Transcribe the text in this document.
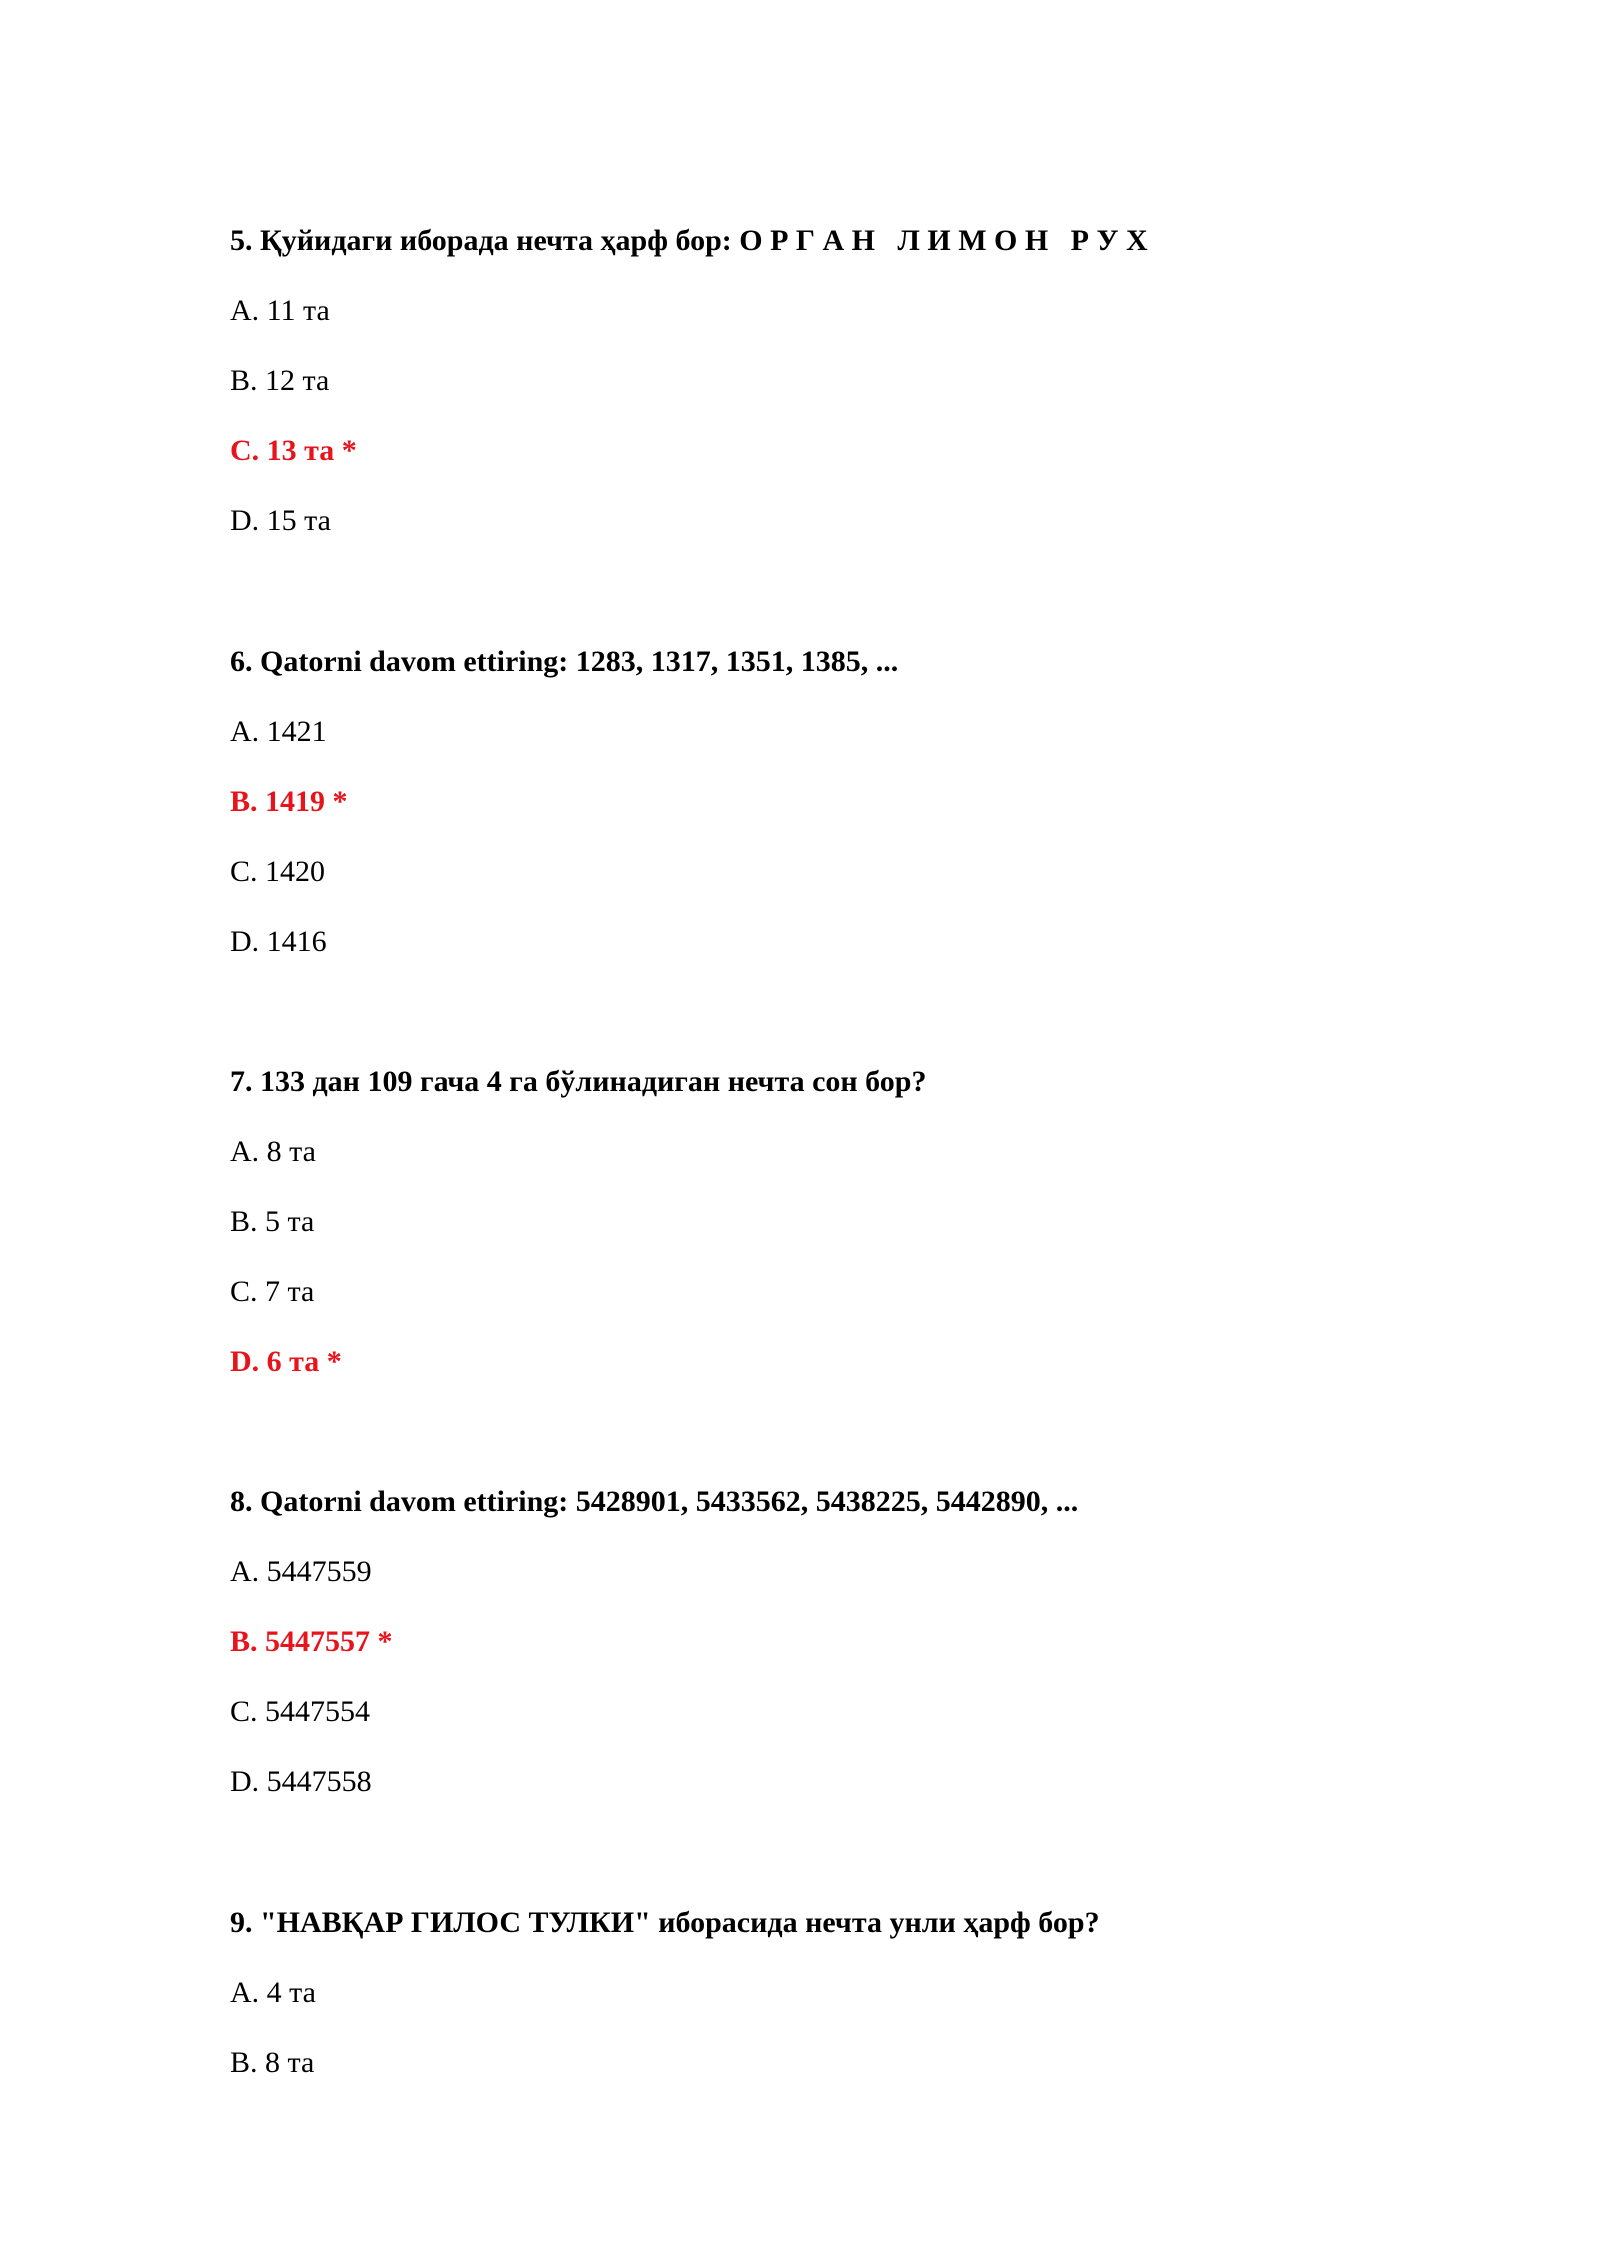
5. Қуйидаги иборада нечта ҳарф бор: О Р Г А Н   Л И М О Н   Р У Х

A. 11 та
B. 12 та
C. 13 та *
D. 15 та

6. Qatorni davom ettiring: 1283, 1317, 1351, 1385, ...

A. 1421
B. 1419 *
C. 1420
D. 1416

7. 133 дан 109 гача 4 га бўлинадиган нечта сон бор?

A. 8 та
B. 5 та
C. 7 та
D. 6 та *

8. Qatorni davom ettiring: 5428901, 5433562, 5438225, 5442890, ...

A. 5447559
B. 5447557 *
C. 5447554
D. 5447558

9. "НАВҚАР ГИЛОС ТУЛКИ" иборасида нечта унли ҳарф бор?

A. 4 та
B. 8 та
